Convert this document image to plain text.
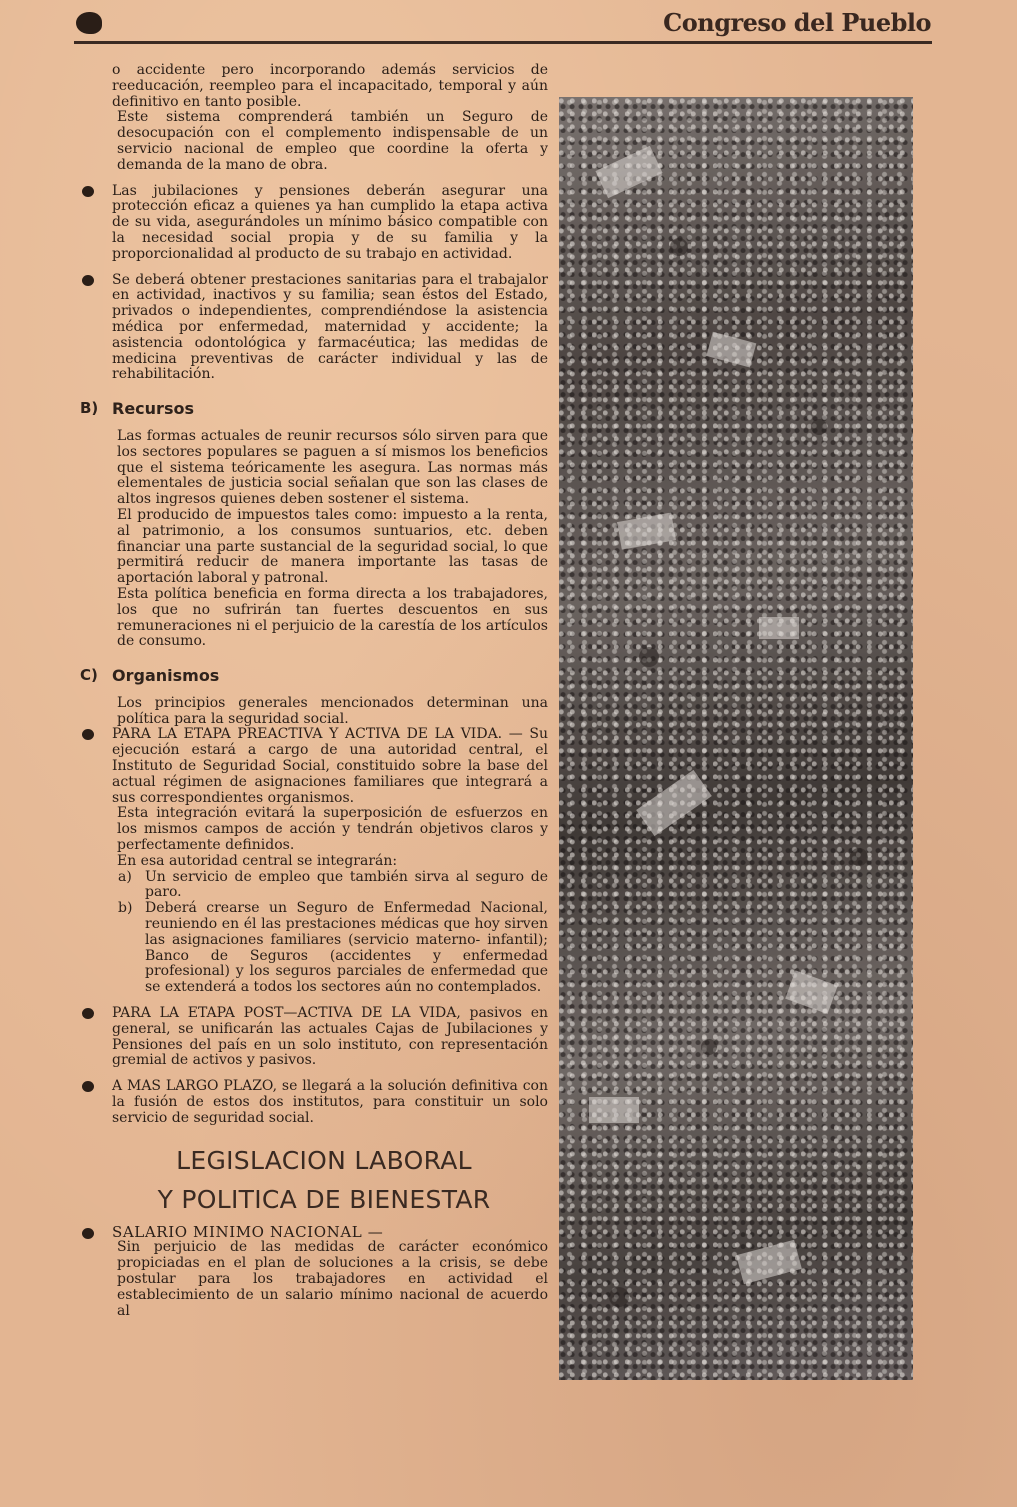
Congreso del Pueblo

o accidente pero incorporando además servicios de reeducación, reempleo para el incapacitado, temporal y aún definitivo en tanto posible.

Este sistema comprenderá también un Seguro de desocupación con el complemento indispensable de un servicio nacional de empleo que coordine la oferta y demanda de la mano de obra.

Las jubilaciones y pensiones deberán asegurar una protección eficaz a quienes ya han cumplido la etapa activa de su vida, asegurándoles un mínimo básico compatible con la necesidad social propia y de su familia y la proporcionalidad al producto de su trabajo en actividad.

Se deberá obtener prestaciones sanitarias para el trabajalor en actividad, inactivos y su familia; sean éstos del Estado, privados o independientes, comprendiéndose la asistencia médica por enfermedad, maternidad y accidente; la asistencia odontológica y farmacéutica; las medidas de medicina preventivas de carácter individual y las de rehabilitación.

B) Recursos

Las formas actuales de reunir recursos sólo sirven para que los sectores populares se paguen a sí mismos los beneficios que el sistema teóricamente les asegura. Las normas más elementales de justicia social señalan que son las clases de altos ingresos quienes deben sostener el sistema.

El producido de impuestos tales como: impuesto a la renta, al patrimonio, a los consumos suntuarios, etc. deben financiar una parte sustancial de la seguridad social, lo que permitirá reducir de manera importante las tasas de aportación laboral y patronal.

Esta política beneficia en forma directa a los trabajadores, los que no sufrirán tan fuertes descuentos en sus remuneraciones ni el perjuicio de la carestía de los artículos de consumo.

C) Organismos

Los principios generales mencionados determinan una política para la seguridad social.

PARA LA ETAPA PREACTIVA Y ACTIVA DE LA VIDA. — Su ejecución estará a cargo de una autoridad central, el Instituto de Seguridad Social, constituido sobre la base del actual régimen de asignaciones familiares que integrará a sus correspondientes organismos.

Esta integración evitará la superposición de esfuerzos en los mismos campos de acción y tendrán objetivos claros y perfectamente definidos.

En esa autoridad central se integrarán:

a) Un servicio de empleo que también sirva al seguro de paro.

b) Deberá crearse un Seguro de Enfermedad Nacional, reuniendo en él las prestaciones médicas que hoy sirven las asignaciones familiares (servicio materno- infantil); Banco de Seguros (accidentes y enfermedad profesional) y los seguros parciales de enfermedad que se extenderá a todos los sectores aún no contemplados.

PARA LA ETAPA POST—ACTIVA DE LA VIDA, pasivos en general, se unificarán las actuales Cajas de Jubilaciones y Pensiones del país en un solo instituto, con representación gremial de activos y pasivos.

A MAS LARGO PLAZO, se llegará a la solución definitiva con la fusión de estos dos institutos, para constituir un solo servicio de seguridad social.

LEGISLACION LABORAL
Y POLITICA DE BIENESTAR
SALARIO MINIMO NACIONAL —

Sin perjuicio de las medidas de carácter económico propiciadas en el plan de soluciones a la crisis, se debe postular para los trabajadores en actividad el establecimiento de un salario mínimo nacional de acuerdo al
